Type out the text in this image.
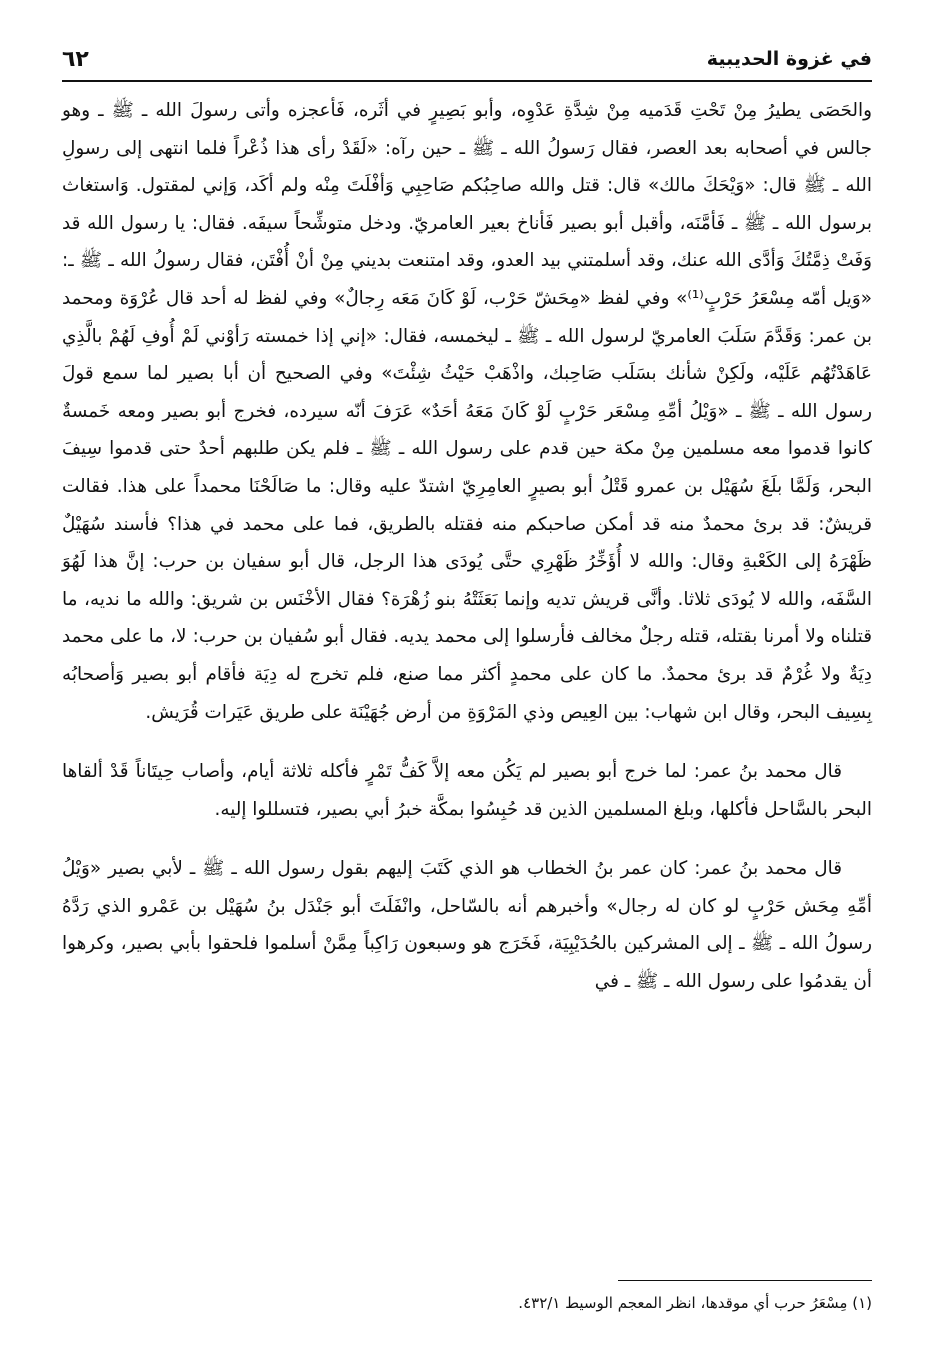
في غزوة الحديبية
٦٢

والحَصَى يطيرُ مِنْ تَحْتِ قَدَميه مِنْ شِدَّةِ عَدْوِه، وأبو بَصِيرٍ في أثَره، فَأعجزه وأتى رسولَ الله ـ ﷺ ـ وهو جالس في أصحابه بعد العصر، فقال رَسولُ الله ـ ﷺ ـ حين رآه: «لَقَدْ رأى هذا ذُعْراً فلما انتهى إلى رسولِ الله ـ ﷺ قال: «وَيْحَكَ مالك» قال: قتل والله صاحِبُكم صَاحِبِي وَأفْلَتَ مِنْه ولم أكَد، وَإني لمقتول. وَاستغاث برسول الله ـ ﷺ ـ فَأمَّنَه، وأقبل أبو بصير فَأناخ بعير العامريّ. ودخل متوشِّحاً سيفَه. فقال: يا رسول الله قد وَفَتْ ذِمَّتُكَ وَأدَّى الله عنك، وقد أسلمتني بيد العدو، وقد امتنعت بديني مِنْ أنْ أُفْتَن، فقال رسولُ الله ـ ﷺ ـ: «وَيل أمّه مِسْعَرُ حَرْبٍ⁽¹⁾» وفي لفظ «مِحَشّ حَرْب، لَوْ كَانَ مَعَه رِجالٌ» وفي لفظ له أحد قال عُرْوَة ومحمد بن عمر: وَقَدَّمَ سَلَبَ العامريّ لرسول الله ـ ﷺ ـ ليخمسه، فقال: «إني إذا خمسته رَأوْني لَمْ أُوفِ لَهُمْ بالَّذِي عَاهَدْتُهُم عَلَيْه، ولَكِنْ شأنك بسَلَب صَاحِبك، واذْهَبْ حَيْثُ شِئْتَ» وفي الصحيح أن أبا بصير لما سمع قولَ رسول الله ـ ﷺ ـ «وَيْلُ أمِّهِ مِسْعَر حَرْبٍ لَوْ كَانَ مَعَهُ أحَدٌ» عَرَفَ أنّه سيرده، فخرج أبو بصير ومعه خَمسةٌ كانوا قدموا معه مسلمين مِنْ مكة حين قدم على رسول الله ـ ﷺ ـ فلم يكن طلبهم أحدٌ حتى قدموا سِيفَ البحر، وَلَمَّا بلَغَ سُهَيْل بن عمرو قَتْلُ أبو بصيرٍ العامِرِيّ اشتدّ عليه وقال: ما صَالَحْنَا محمداً على هذا. فقالت قريشٌ: قد برئ محمدٌ منه قد أمكن صاحبكم منه فقتله بالطريق، فما على محمد في هذا؟ فأسند سُهَيْلٌ ظَهْرَهُ إلى الكَعْبةِ وقال: والله لا أُؤَخِّرُ ظَهْرِي حتَّى يُودَى هذا الرجل، قال أبو سفيان بن حرب: إنَّ هذا لَهُوَ السَّفَه، والله لا يُودَى ثلاثا. وأنَّى قريش تديه وإنما بَعَثَتْهُ بنو زُهْرَة؟ فقال الأخْنَس بن شريق: والله ما نديه، ما قتلناه ولا أمرنا بقتله، قتله رجلٌ مخالف فأرسلوا إلى محمد يديه. فقال أبو سُفيان بن حرب: لا، ما على محمد دِيَةٌ ولا غُرْمٌ قد برئ محمدٌ. ما كان على محمدٍ أكثر مما صنع، فلم تخرج له دِيَة فأقام أبو بصير وَأصحابُه بِسِيف البحر، وقال ابن شهاب: بين العِيص وذي المَرْوَةِ من أرض جُهَيْنَة على طريق عَيَرات قُرَيش.

قال محمد بنُ عمر: لما خرج أبو بصير لم يَكُن معه إلاَّ كَفُّ تَمْرٍ فأكله ثلاثة أيام، وأصاب حِيتَاناً قَدْ ألقاها البحر بالسَّاحل فأكلها، وبلغ المسلمين الذين قد حُبِسُوا بمكَّة خبرُ أبي بصير، فتسللوا إليه.

قال محمد بنُ عمر: كان عمر بنُ الخطاب هو الذي كَتَبَ إليهم بقول رسول الله ـ ﷺ ـ لأبي بصير «وَيْلُ أمِّهِ مِحَش حَرْبٍ لو كان له رجال» وأخبرهم أنه بالسّاحل، وانْفَلَتَ أبو جَنْدَل بنُ سُهَيْل بن عَمْرو الذي رَدَّهُ رسولُ الله ـ ﷺ ـ إلى المشركين بالحُدَيْبِيَة، فَخَرَج هو وسبعون رَاكِباً مِمَّنْ أسلموا فلحقوا بأبي بصير، وكرهوا أن يقدمُوا على رسول الله ـ ﷺ ـ في

(١) مِسْعَرُ حرب أي موقدها، انظر المعجم الوسيط ٤٣٢/١.
